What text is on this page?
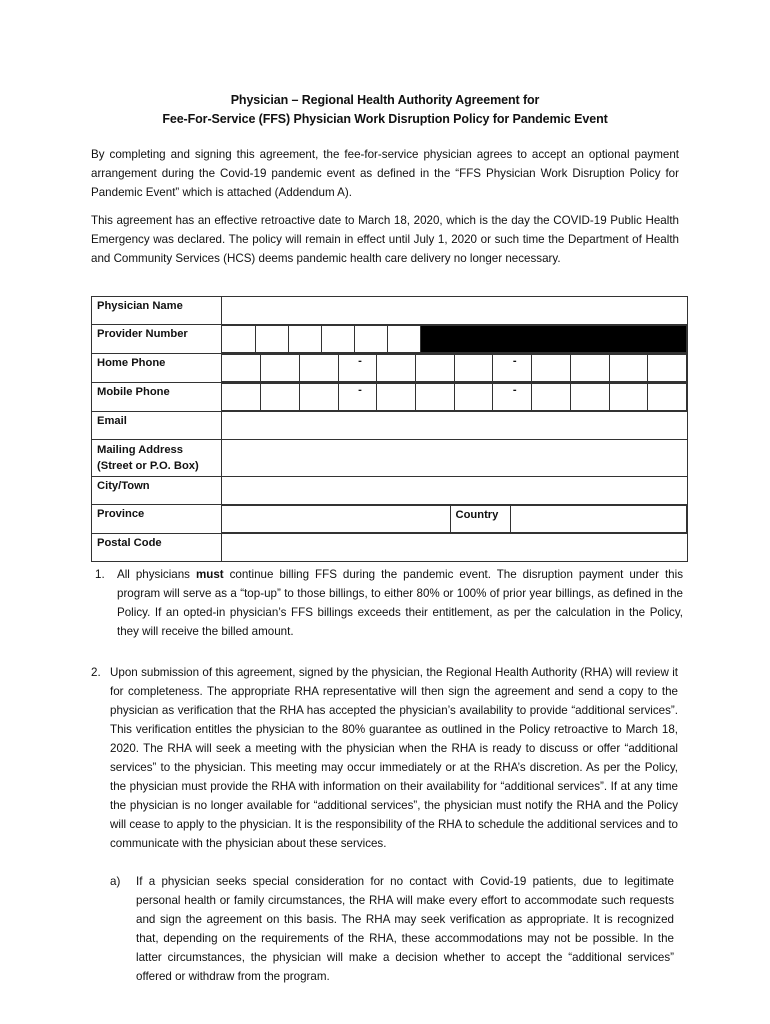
Physician – Regional Health Authority Agreement for
Fee-For-Service (FFS) Physician Work Disruption Policy for Pandemic Event
By completing and signing this agreement, the fee-for-service physician agrees to accept an optional payment arrangement during the Covid-19 pandemic event as defined in the “FFS Physician Work Disruption Policy for Pandemic Event” which is attached (Addendum A).
This agreement has an effective retroactive date to March 18, 2020, which is the day the COVID-19 Public Health Emergency was declared. The policy will remain in effect until July 1, 2020 or such time the Department of Health and Community Services (HCS) deems pandemic health care delivery no longer necessary.
Physician Name

Provider Number

Home Phone

				-				-				

Mobile Phone

				-				-				

Email

Mailing Address
(Street or P.O. Box)	

City/Town

Province

		Country	

Postal Code

1. All physicians must continue billing FFS during the pandemic event. The disruption payment under this program will serve as a “top-up” to those billings, to either 80% or 100% of prior year billings, as defined in the Policy. If an opted-in physician’s FFS billings exceeds their entitlement, as per the calculation in the Policy, they will receive the billed amount.
2. Upon submission of this agreement, signed by the physician, the Regional Health Authority (RHA) will review it for completeness. The appropriate RHA representative will then sign the agreement and send a copy to the physician as verification that the RHA has accepted the physician’s availability to provide “additional services”. This verification entitles the physician to the 80% guarantee as outlined in the Policy retroactive to March 18, 2020. The RHA will seek a meeting with the physician when the RHA is ready to discuss or offer “additional services” to the physician. This meeting may occur immediately or at the RHA’s discretion. As per the Policy, the physician must provide the RHA with information on their availability for “additional services”. If at any time the physician is no longer available for “additional services”, the physician must notify the RHA and the Policy will cease to apply to the physician. It is the responsibility of the RHA to schedule the additional services and to communicate with the physician about these services.
a) If a physician seeks special consideration for no contact with Covid-19 patients, due to legitimate personal health or family circumstances, the RHA will make every effort to accommodate such requests and sign the agreement on this basis. The RHA may seek verification as appropriate. It is recognized that, depending on the requirements of the RHA, these accommodations may not be possible. In the latter circumstances, the physician will make a decision whether to accept the “additional services” offered or withdraw from the program.
